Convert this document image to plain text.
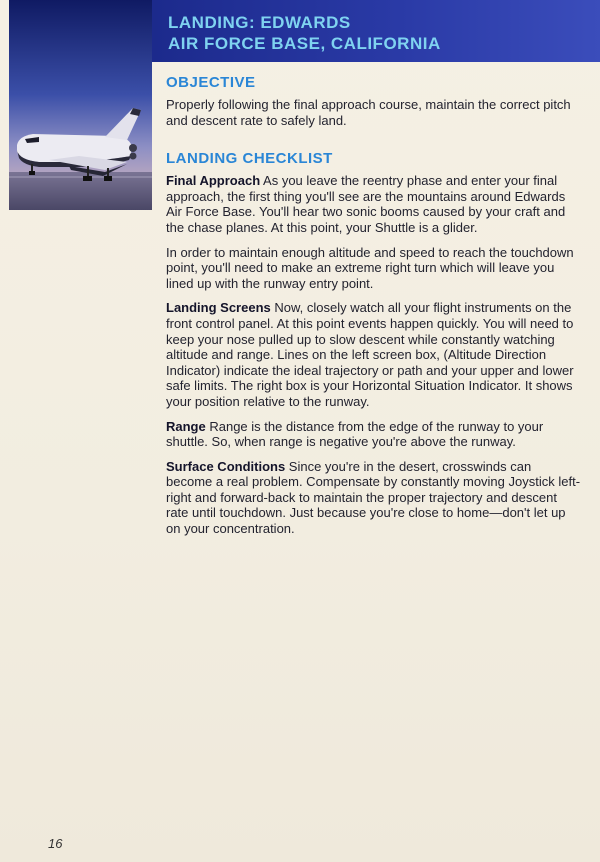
LANDING: EDWARDS
AIR FORCE BASE, CALIFORNIA
OBJECTIVE

Properly following the final approach course, maintain the correct pitch and descent rate to safely land.

LANDING CHECKLIST

Final Approach As you leave the reentry phase and enter your final approach, the first thing you'll see are the mountains around Edwards Air Force Base. You'll hear two sonic booms caused by your craft and the chase planes. At this point, your Shuttle is a glider.

In order to maintain enough altitude and speed to reach the touchdown point, you'll need to make an extreme right turn which will leave you lined up with the runway entry point.

Landing Screens Now, closely watch all your flight instruments on the front control panel. At this point events happen quickly. You will need to keep your nose pulled up to slow descent while constantly watching altitude and range. Lines on the left screen box, (Altitude Direction Indicator) indicate the ideal trajectory or path and your upper and lower safe limits. The right box is your Horizontal Situation Indicator. It shows your position relative to the runway.

Range Range is the distance from the edge of the runway to your shuttle. So, when range is negative you're above the runway.

Surface Conditions Since you're in the desert, crosswinds can become a real problem. Compensate by constantly moving Joystick left-right and forward-back to maintain the proper trajectory and descent rate until touchdown. Just because you're close to home—don't let up on your concentration.

16
